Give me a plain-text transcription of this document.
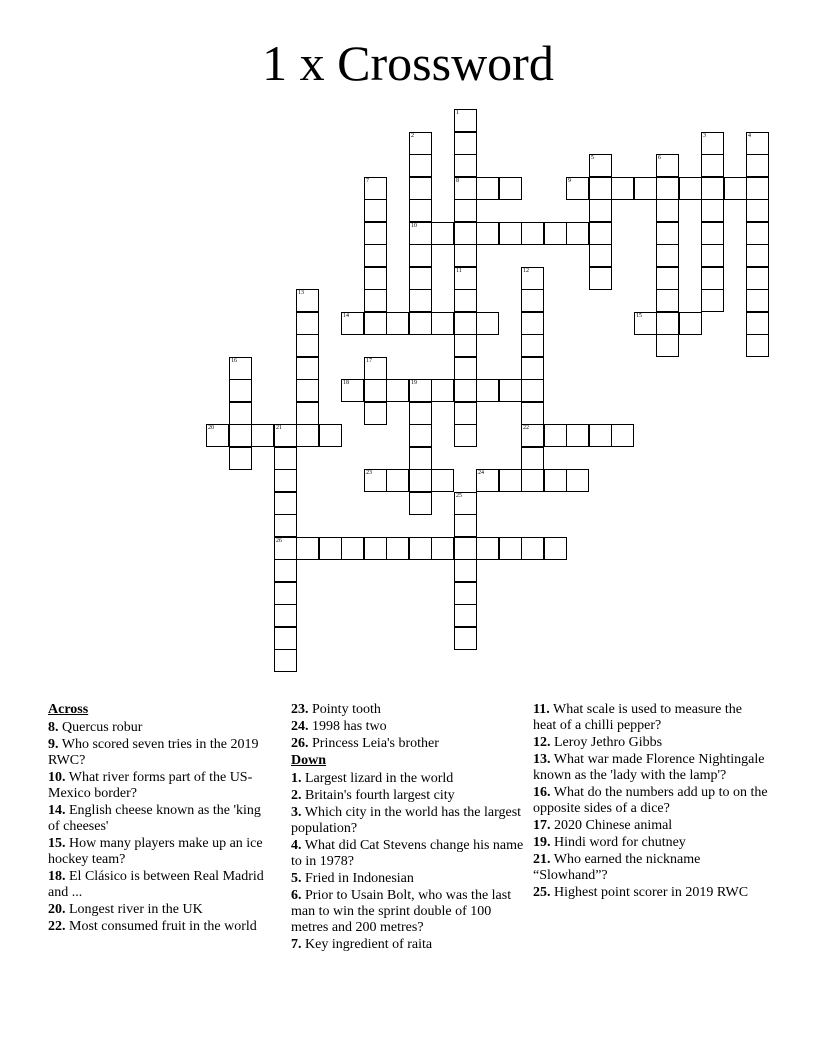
1 x Crossword
1
8
2
10
3	4
5	6
7	9
11	12
22
13
14	15
16	17
18	19
20	21
26
23	24
25
Across
8. Quercus robur
9. Who scored seven tries in the 2019 RWC?
10. What river forms part of the US-Mexico border?
14. English cheese known as the 'king of cheeses'
15. How many players make up an ice hockey team?
18. El Clásico is between Real Madrid and ...
20. Longest river in the UK
22. Most consumed fruit in the world
23. Pointy tooth
24. 1998 has two
26. Princess Leia's brother
Down
1. Largest lizard in the world
2. Britain's fourth largest city
3. Which city in the world has the largest population?
4. What did Cat Stevens change his name to in 1978?
5. Fried in Indonesian
6. Prior to Usain Bolt, who was the last man to win the sprint double of 100 metres and 200 metres?
7. Key ingredient of raita
11. What scale is used to measure the heat of a chilli pepper?
12. Leroy Jethro Gibbs
13. What war made Florence Nightingale known as the 'lady with the lamp'?
16. What do the numbers add up to on the opposite sides of a dice?
17. 2020 Chinese animal
19. Hindi word for chutney
21. Who earned the nickname “Slowhand”?
25. Highest point scorer in 2019 RWC
